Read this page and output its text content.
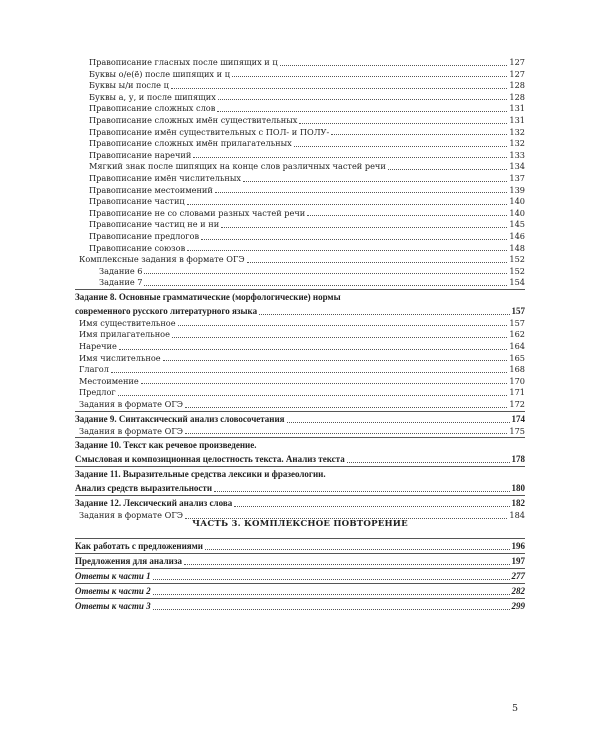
Правописание гласных после шипящих и ц	127
Буквы о/е(ё) после шипящих и ц	127
Буквы ы/и после ц	128
Буквы а, у, и после шипящих	128
Правописание сложных слов	131
Правописание сложных имён существительных	131
Правописание имён существительных с ПОЛ- и ПОЛУ-	132
Правописание сложных имён прилагательных	132
Правописание наречий	133
Мягкий знак после шипящих на конце слов различных частей речи	134
Правописание имён числительных	137
Правописание местоимений	139
Правописание частиц	140
Правописание не со словами разных частей речи	140
Правописание частиц не и ни	145
Правописание предлогов	146
Правописание союзов	148
Комплексные задания в формате ОГЭ	152
Задание 6	152
Задание 7	154
Задание 8. Основные грамматические (морфологические) нормы
современного русского литературного языка	157
Имя существительное	157
Имя прилагательное	162
Наречие	164
Имя числительное	165
Глагол	168
Местоимение	170
Предлог	171
Задания в формате ОГЭ	172
Задание 9. Синтаксический анализ словосочетания	174
Задания в формате ОГЭ	175
Задание 10. Текст как речевое произведение.
Смысловая и композиционная целостность текста. Анализ текста	178
Задание 11. Выразительные средства лексики и фразеологии.
Анализ средств выразительности	180
Задание 12. Лексический анализ слова	182
Задания в формате ОГЭ	184
ЧАСТЬ 3. КОМПЛЕКСНОЕ ПОВТОРЕНИЕ
Как работать с предложениями	196
Предложения для анализа	197
Ответы к части 1	277
Ответы к части 2	282
Ответы к части 3	299
5
